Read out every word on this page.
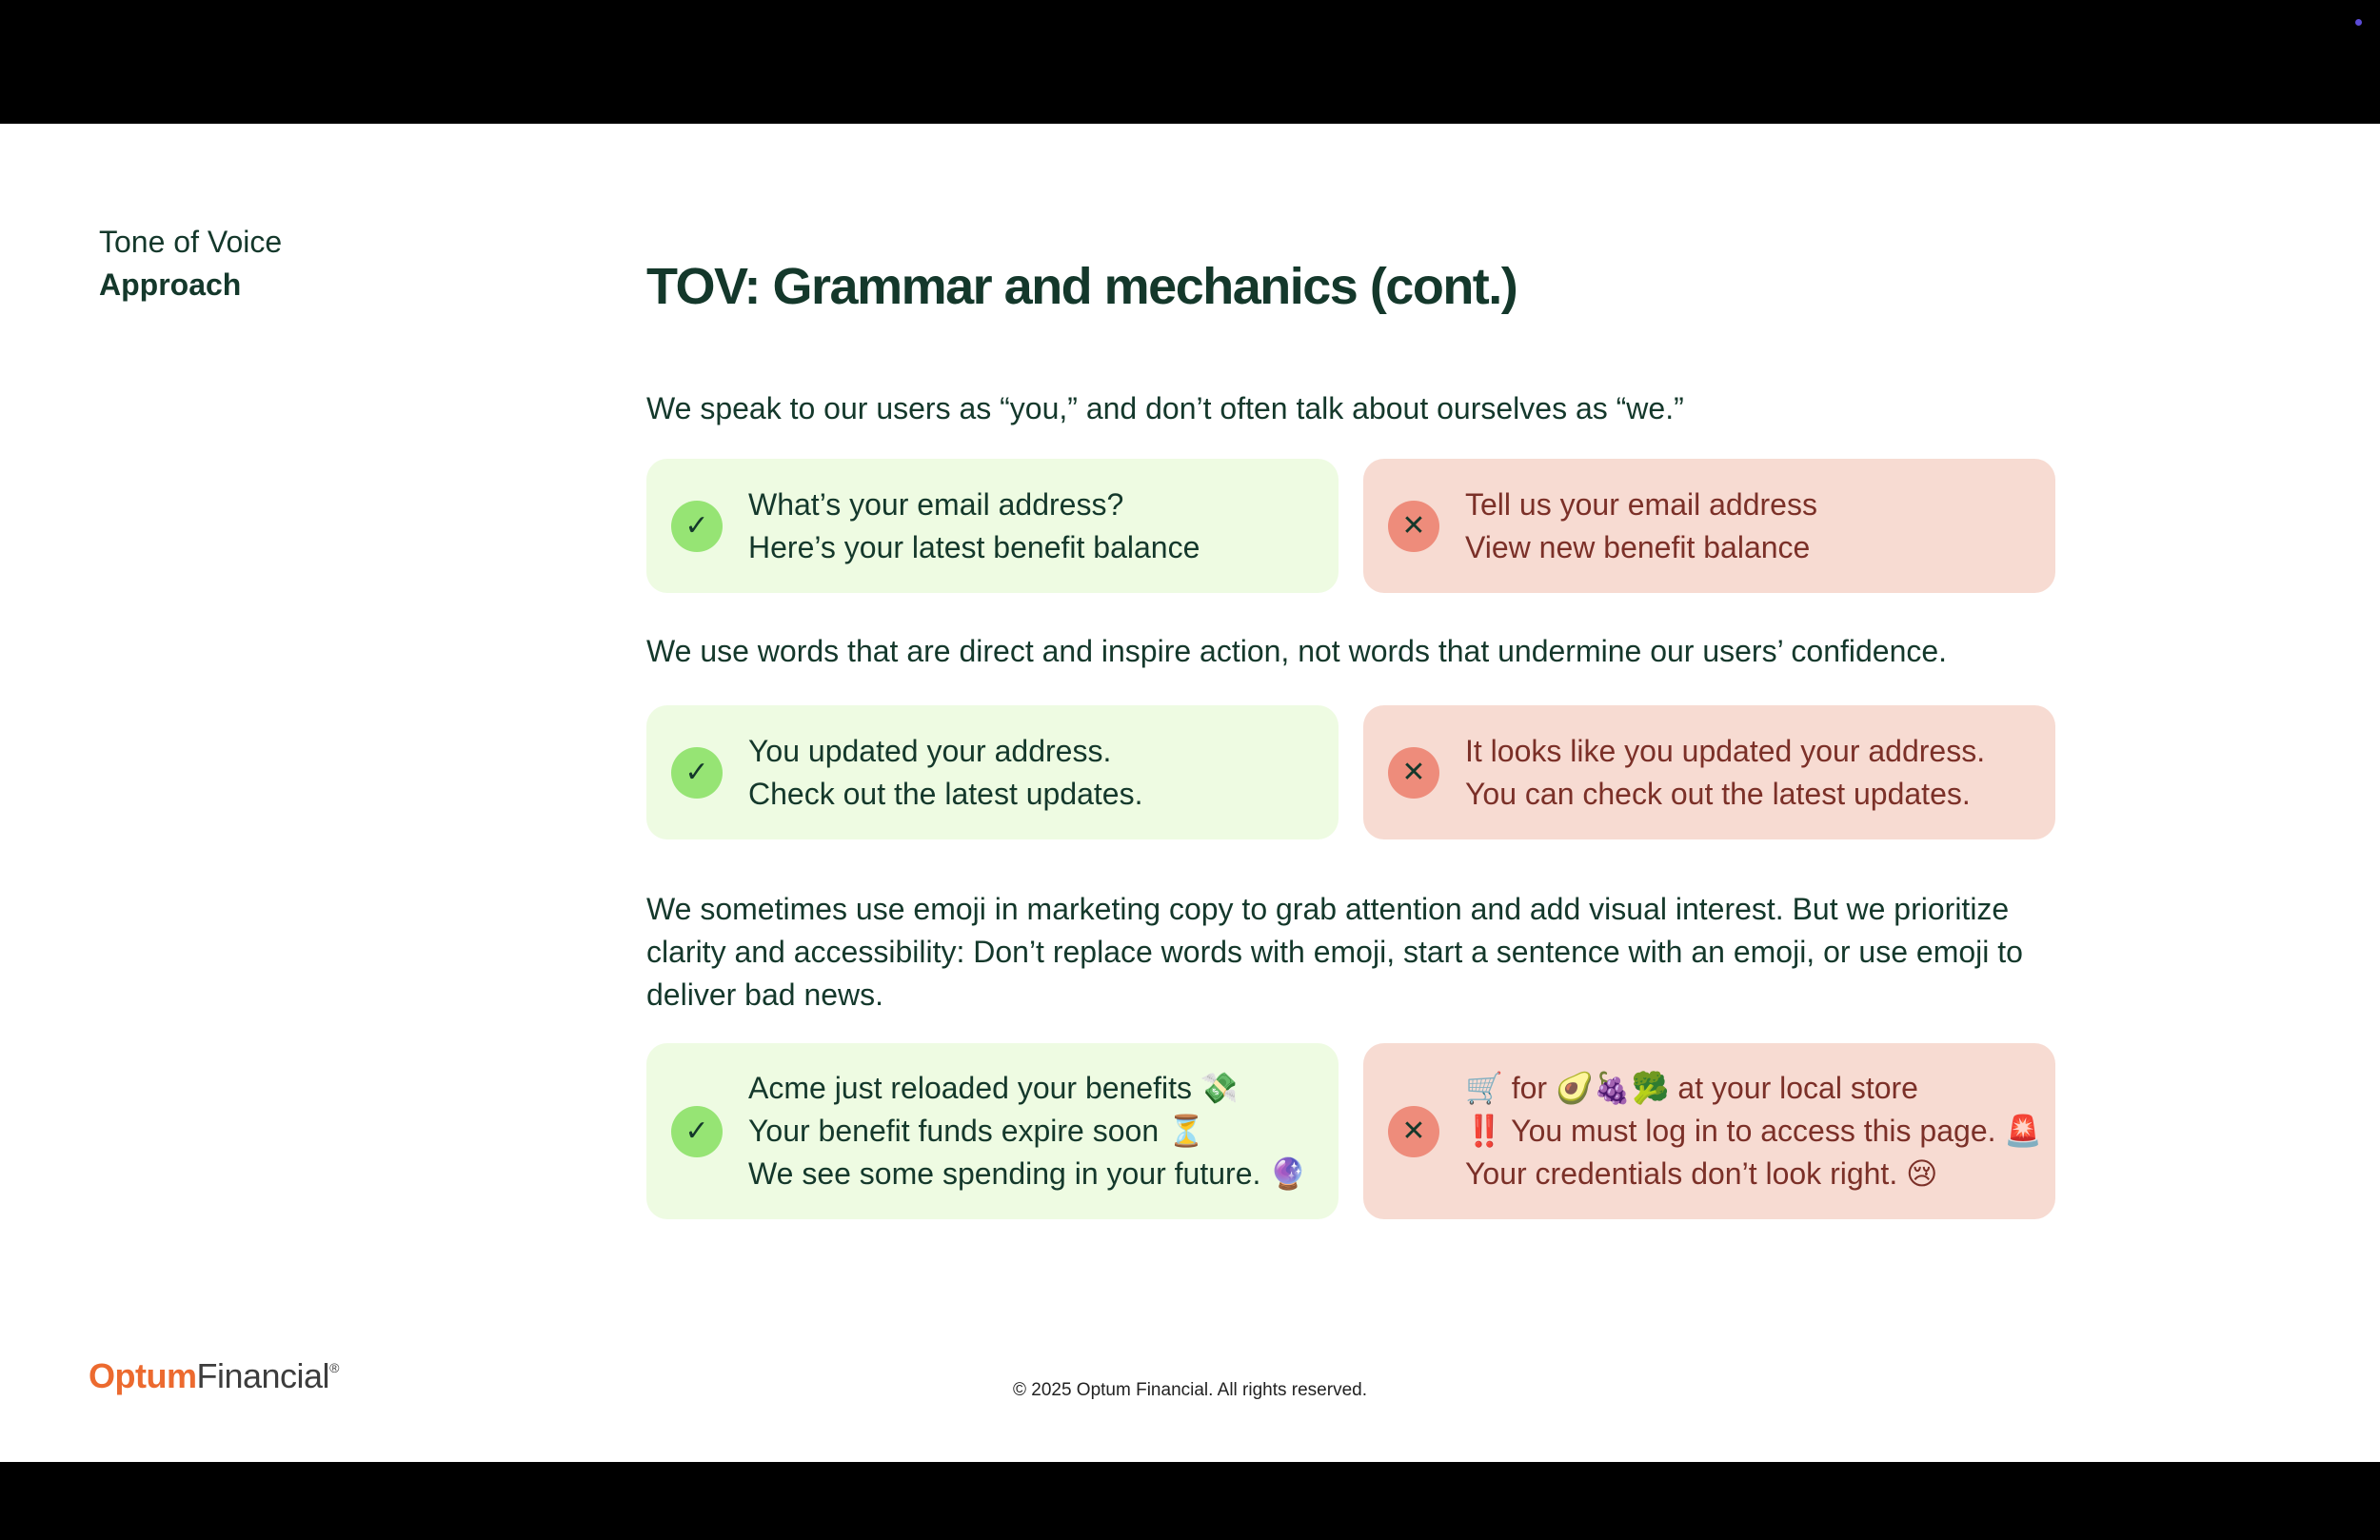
Tone of Voice
Approach	TOV: Grammar and mechanics (cont.)
We speak to our users as “you,” and don’t often talk about ourselves as “we.”
✓
What’s your email address?
Here’s your latest benefit balance
✕
Tell us your email address
View new benefit balance
We use words that are direct and inspire action, not words that undermine our users’ confidence.
✓
You updated your address.
Check out the latest updates.
✕
It looks like you updated your address.
You can check out the latest updates.
We sometimes use emoji in marketing copy to grab attention and add visual interest. But we prioritize clarity and accessibility: Don’t replace words with emoji, start a sentence with an emoji, or use emoji to deliver bad news.
✓
Acme just reloaded your benefits 💸
Your benefit funds expire soon ⏳
We see some spending in your future. 🔮
✕
🛒 for 🥑🍇🥦 at your local store
‼️ You must log in to access this page. 🚨
Your credentials don’t look right. 😢
OptumFinancial®
© 2025 Optum Financial. All rights reserved.
